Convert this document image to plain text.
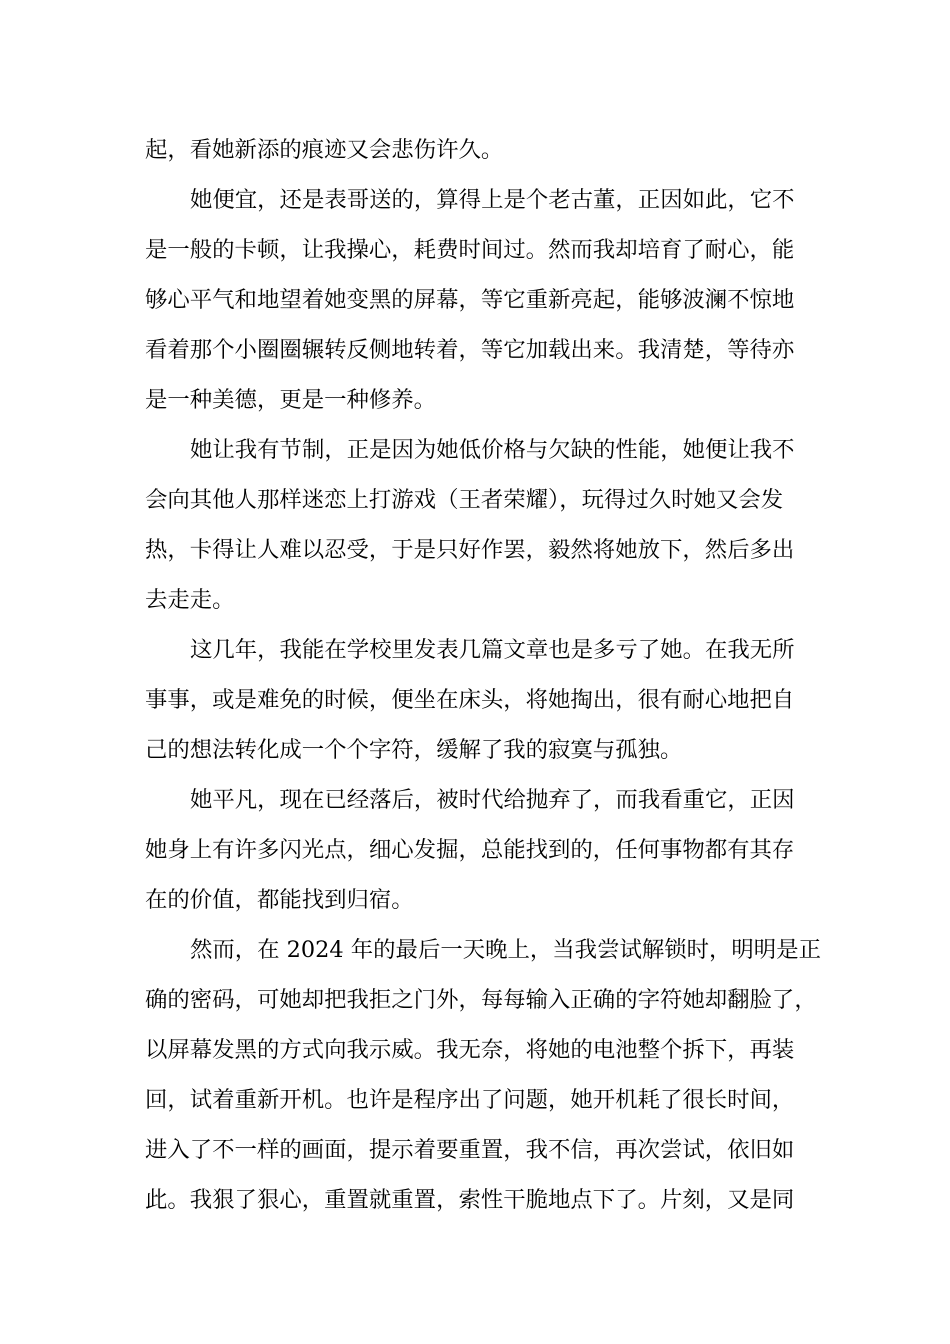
起，看她新添的痕迹又会悲伤许久。
她便宜，还是表哥送的，算得上是个老古董，正因如此，它不
是一般的卡顿，让我操心，耗费时间过。然而我却培育了耐心，能
够心平气和地望着她变黑的屏幕，等它重新亮起，能够波澜不惊地
看着那个小圈圈辗转反侧地转着，等它加载出来。我清楚，等待亦
是一种美德，更是一种修养。
她让我有节制，正是因为她低价格与欠缺的性能，她便让我不
会向其他人那样迷恋上打游戏（王者荣耀），玩得过久时她又会发
热，卡得让人难以忍受，于是只好作罢，毅然将她放下，然后多出
去走走。
这几年，我能在学校里发表几篇文章也是多亏了她。在我无所
事事，或是难免的时候，便坐在床头，将她掏出，很有耐心地把自
己的想法转化成一个个字符，缓解了我的寂寞与孤独。
她平凡，现在已经落后，被时代给抛弃了，而我看重它，正因
她身上有许多闪光点，细心发掘，总能找到的，任何事物都有其存
在的价值，都能找到归宿。
然而，在 2024 年的最后一天晚上，当我尝试解锁时，明明是正
确的密码，可她却把我拒之门外，每每输入正确的字符她却翻脸了，
以屏幕发黑的方式向我示威。我无奈，将她的电池整个拆下，再装
回，试着重新开机。也许是程序出了问题，她开机耗了很长时间，
进入了不一样的画面，提示着要重置，我不信，再次尝试，依旧如
此。我狠了狠心，重置就重置，索性干脆地点下了。片刻，又是同
